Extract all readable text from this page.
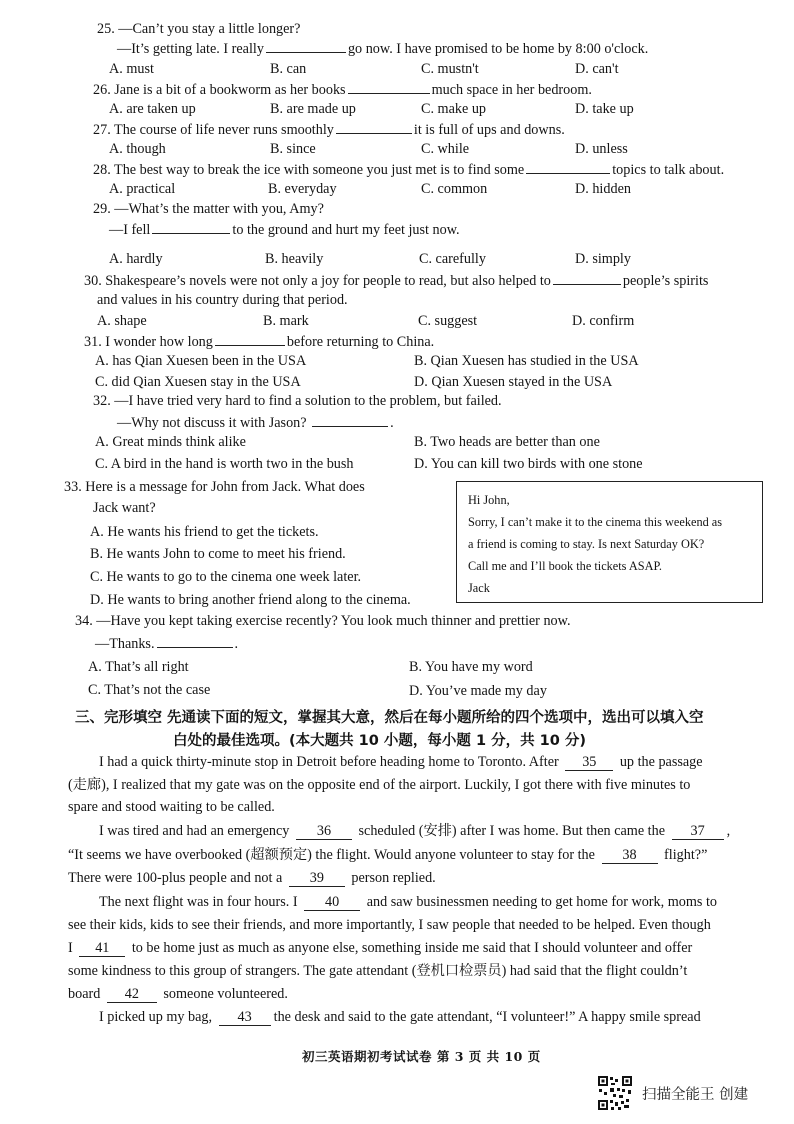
25. —Can’t you stay a little longer?
—It’s getting late. I really	go now. I have promised to be home by 8:00 o'clock.
A. must	B. can	C. mustn't	D. can't
26. Jane is a bit of a bookworm as her books	much space in her bedroom.
A. are taken up	B. are made up	C. make up	D. take up
27. The course of life never runs smoothly	it is full of ups and downs.
A. though	B. since	C. while	D. unless
28. The best way to break the ice with someone you just met is to find some	topics to talk about.
A. practical	B. everyday	C. common	D. hidden
29. —What’s the matter with you, Amy?
—I fell	to the ground and hurt my feet just now.
A. hardly	B. heavily	C. carefully	D. simply
30. Shakespeare’s novels were not only a joy for people to read, but also helped to	people’s spirits
and values in his country during that period.
A. shape	B. mark	C. suggest	D. confirm
31. I wonder how long	before returning to China.
A. has Qian Xuesen been in the USA	B. Qian Xuesen has studied in the USA
C. did Qian Xuesen stay in the USA	D. Qian Xuesen stayed in the USA
32. —I have tried very hard to find a solution to the problem, but failed.
—Why not discuss it with Jason?	.
A. Great minds think alike	B. Two heads are better than one
C. A bird in the hand is worth two in the bush	D. You can kill two birds with one stone
33. Here is a message for John from Jack. What does
Jack want?
A. He wants his friend to get the tickets.
B. He wants John to come to meet his friend.
C. He wants to go to the cinema one week later.
D. He wants to bring another friend along to the cinema.
Hi John,
Sorry, I can’t make it to the cinema this weekend as
a friend is coming to stay. Is next Saturday OK?
Call me and I’ll book the tickets ASAP.
Jack
34. —Have you kept taking exercise recently? You look much thinner and prettier now.
—Thanks.	.
A. That’s all right	B. You have my word
C. That’s not the case	D. You’ve made my day
三、完形填空 先通读下面的短文，掌握其大意，然后在每小题所给的四个选项中，选出可以填入空
白处的最佳选项。(本大题共 10 小题，每小题 1 分，共 10 分)
I had a quick thirty-minute stop in Detroit before heading home to Toronto. After 35 up the passage
(走廊), I realized that my gate was on the opposite end of the airport. Luckily, I got there with five minutes to
spare and stood waiting to be called.
I was tired and had an emergency 36 scheduled (安排) after I was home. But then came the 37 ,
“It seems we have overbooked (超额预定) the flight. Would anyone volunteer to stay for the 38 flight?”
There were 100-plus people and not a 39 person replied.
The next flight was in four hours. I 40 and saw businessmen needing to get home for work, moms to
see their kids, kids to see their friends, and more importantly, I saw people that needed to be helped. Even though
I 41 to be home just as much as anyone else, something inside me said that I should volunteer and offer
some kindness to this group of strangers. The gate attendant (登机口检票员) had said that the flight couldn’t
board 42 someone volunteered.
I picked up my bag, 43 the desk and said to the gate attendant, “I volunteer!” A happy smile spread
初三英语期初考试试卷 第 3 页 共 10 页
扫描全能王 创建
